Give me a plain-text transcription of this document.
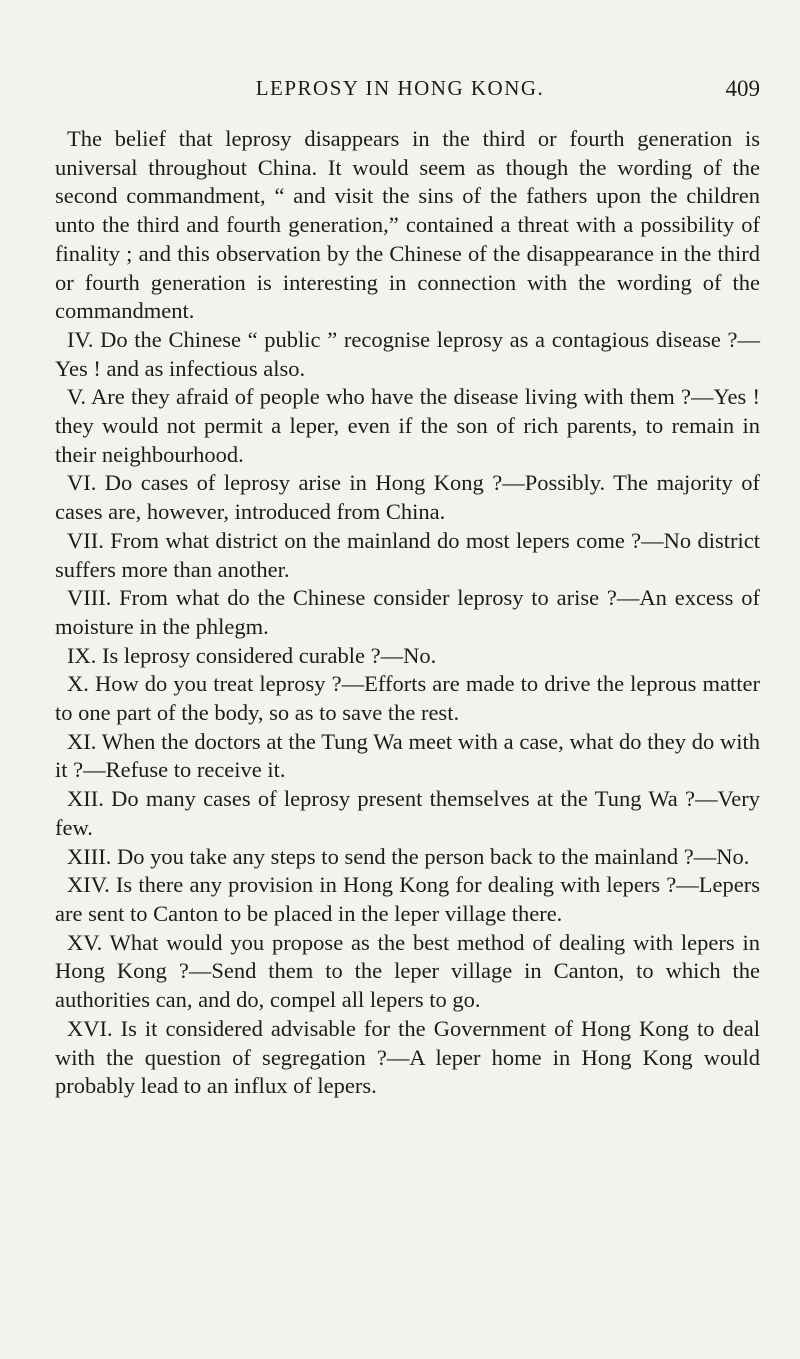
LEPROSY IN HONG KONG.	409

The belief that leprosy disappears in the third or fourth generation is universal throughout China. It would seem as though the wording of the second commandment, “ and visit the sins of the fathers upon the children unto the third and fourth generation,” contained a threat with a possibility of finality ; and this observation by the Chinese of the disappearance in the third or fourth generation is interesting in connection with the wording of the commandment.

IV. Do the Chinese “ public ” recognise leprosy as a contagious disease ?—Yes ! and as infectious also.

V. Are they afraid of people who have the disease living with them ?—Yes ! they would not permit a leper, even if the son of rich parents, to remain in their neighbourhood.

VI. Do cases of leprosy arise in Hong Kong ?—Possibly. The majority of cases are, however, introduced from China.

VII. From what district on the mainland do most lepers come ?—No district suffers more than another.

VIII. From what do the Chinese consider leprosy to arise ?—An excess of moisture in the phlegm.

IX. Is leprosy considered curable ?—No.

X. How do you treat leprosy ?—Efforts are made to drive the leprous matter to one part of the body, so as to save the rest.

XI. When the doctors at the Tung Wa meet with a case, what do they do with it ?—Refuse to receive it.

XII. Do many cases of leprosy present themselves at the Tung Wa ?—Very few.

XIII. Do you take any steps to send the person back to the mainland ?—No.

XIV. Is there any provision in Hong Kong for dealing with lepers ?—Lepers are sent to Canton to be placed in the leper village there.

XV. What would you propose as the best method of dealing with lepers in Hong Kong ?—Send them to the leper village in Canton, to which the authorities can, and do, compel all lepers to go.

XVI. Is it considered advisable for the Government of Hong Kong to deal with the question of segregation ?—A leper home in Hong Kong would probably lead to an influx of lepers.
